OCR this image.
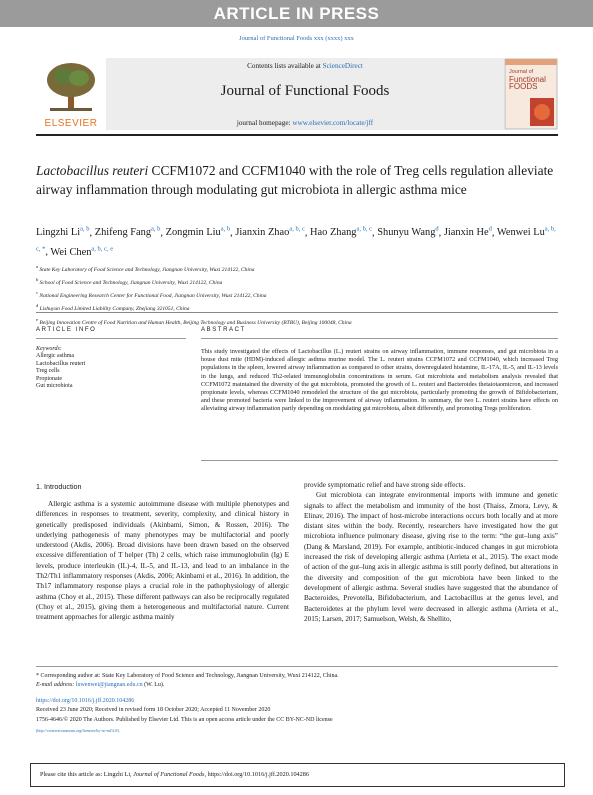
ARTICLE IN PRESS
Journal of Functional Foods xxx (xxxx) xxx
ELSEVIER
Contents lists available at ScienceDirect
Journal of Functional Foods
journal homepage: www.elsevier.com/locate/jff
Journal of
Functional
FOODS
Lactobacillus reuteri CCFM1072 and CCFM1040 with the role of Treg cells regulation alleviate airway inflammation through modulating gut microbiota in allergic asthma mice
Lingzhi Li$^{a, b}$, Zhifeng Fang$^{a, b}$, Zongmin Liu$^{a, b}$, Jianxin Zhao$^{a, b, c}$, Hao Zhang$^{a, b, c}$, Shunyu Wang$^d$, Jianxin He$^d$, Wenwei $Lu^{a, b, c, *}$, Wei Chen$^{a, b, c, e}$
$^a$ State Key Laboratory of Food Science and Technology, Jiangnan University, Wuxi 214122, China
$^b$ School of Food Science and Technology, Jiangnan University, Wuxi 214122, China
$^c$ National Engineering Research Center for Functional Food, Jiangnan University, Wuxi 214122, China
$^d$ Lishuyun Food Limited Liability Company, Zhejiang 321051, China
$^e$ Beijing Innovation Centre of Food Nutrition and Human Health, Beijing Technology and Business University (BTBU), Beijing 100048, China
ARTICLE INFO
Keywords:
Allergic asthma
Lactobacillus reuteri
Treg cells
Propionate
Gut microbiota
ABSTRACT
This study investigated the effects of Lactobacillus (L.) reuteri strains on airway inflammation, immune responses, and gut microbiota in a house dust mite (HDM)-induced allergic asthma murine model. The L. reuteri strains CCFM1072 and CCFM1040, which increased Treg populations in the spleen, lowered airway inflammation as compared to other strains, downregulated histamine, IL-17A, IL-5, and IL-13 levels in the lungs, and reduced Th2-related immunoglobulin concentrations in serum. Gut microbiota and metabolism analysis revealed that CCFM1072 maintained the diversity of the gut microbiota, promoted the growth of L. reuteri and Bacteroides thetaiotaomicron, and increased propionate levels, whereas CCFM1040 remodeled the structure of the gut microbiota, particularly promoting the growth of Bifidobacterium, and these promoted bacteria were linked to the improvement of airway inflammation. In summary, the two L. reuteri strains have effects on alleviating airway inflammation partly depending on modulating gut microbiota, albeit differently, and promoting Tregs proliferation.
1. Introduction

Allergic asthma is a systemic autoimmune disease with multiple phenotypes and differences in responses to treatment, severity, complexity, and clinical history in genetically predisposed individuals (Akinbami, Simon, & Rossen, 2016). The underlying pathogenesis of many phenotypes may be multifactorial and poorly understood (Akdis, 2006). Broad divisions have been drawn based on the observed excessive differentiation of T helper (Th) 2 cells, which raise immunoglobulin (Ig) E levels, produce interleukin (IL)-4, IL-5, and IL-13, and lead to an imbalance in the Th2/Th1 inflammatory responses (Akdis, 2006; Akinbami et al., 2016). In addition, the Th17 inflammatory response plays a crucial role in the pathophysiology of allergic asthma (Choy et al., 2015). These different pathways can also be reciprocally regulated (Choy et al., 2015), giving them a heterogeneous and multifactorial nature. Current treatment approaches for allergic asthma mainly

provide symptomatic relief and have strong side effects.

Gut microbiota can integrate environmental imports with immune and genetic signals to affect the metabolism and immunity of the host (Thaiss, Zmora, Levy, & Elinav, 2016). The impact of host-microbe interactions occurs both locally and at more distant sites within the body. Recently, researchers have investigated how the gut microbiota influence pulmonary disease, giving rise to the term: “the gut–lung axis” (Dang & Marsland, 2019). For example, antibiotic-induced changes in gut microbiota increased the risk of developing allergic asthma (Arrieta et al., 2015). The exact mode of action of the gut–lung axis in allergic asthma is still poorly defined, but alterations in the diversity and composition of the gut microbiota have been linked to the development of allergic asthma. Several studies have suggested that the abundance of Bacteroides, Prevotella, Bifidobacterium, and Lactobacillus at the genus level, and Bacteroidetes at the phylum level were decreased in allergic asthma (Arrieta et al., 2015; Larsen, 2017; Samuelson, Welsh, & Shellito,

* Corresponding author at: State Key Laboratory of Food Science and Technology, Jiangnan University, Wuxi 214122, China.
E-mail address: luwenwei@jiangnan.edu.cn (W. Lu).
https://doi.org/10.1016/j.jff.2020.104286
Received 23 June 2020; Received in revised form 18 October 2020; Accepted 11 November 2020
1756-4646/© 2020 The Authors. Published by Elsevier Ltd. This is an open access article under the CC BY-NC-ND license
(http://creativecommons.org/licenses/by-nc-nd/4.0/).
Please cite this article as: Lingzhi Li, Journal of Functional Foods, https://doi.org/10.1016/j.jff.2020.104286
